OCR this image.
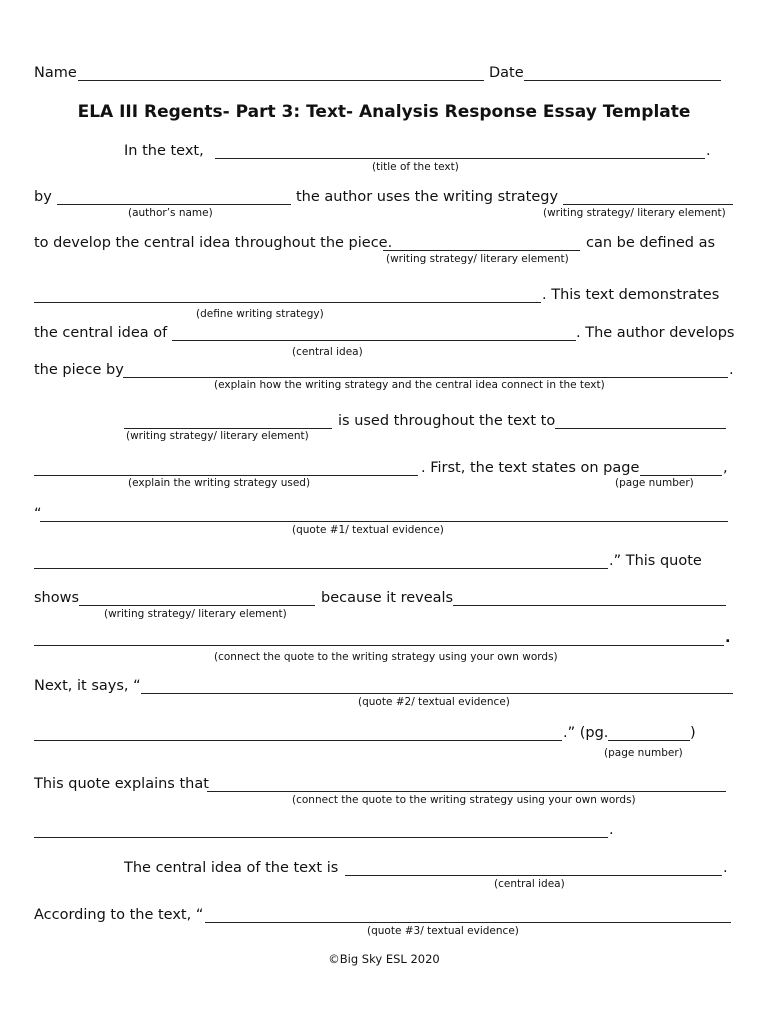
Name	Date
ELA III Regents- Part 3: Text- Analysis Response Essay Template
In the text,	.
(title of the text)
by	the author uses the writing strategy
(author’s name)	(writing strategy/ literary element)
to develop the central idea throughout the piece.	can be defined as
(writing strategy/ literary element)
. This text demonstrates
(define writing strategy)
the central idea of	. The author develops
(central idea)
the piece by	.
(explain how the writing strategy and the central idea connect in the text)
is used throughout the text to
(writing strategy/ literary element)
. First, the text states on page	,
(explain the writing strategy used)	(page number)
“
(quote #1/ textual evidence)
.” This quote
shows	because it reveals
(writing strategy/ literary element)
.
(connect the quote to the writing strategy using your own words)
Next, it says, “
(quote #2/ textual evidence)
.” (pg.	)
(page number)
This quote explains that
(connect the quote to the writing strategy using your own words)
.
The central idea of the text is	.
(central idea)
According to the text, “
(quote #3/ textual evidence)
©Big Sky ESL 2020
